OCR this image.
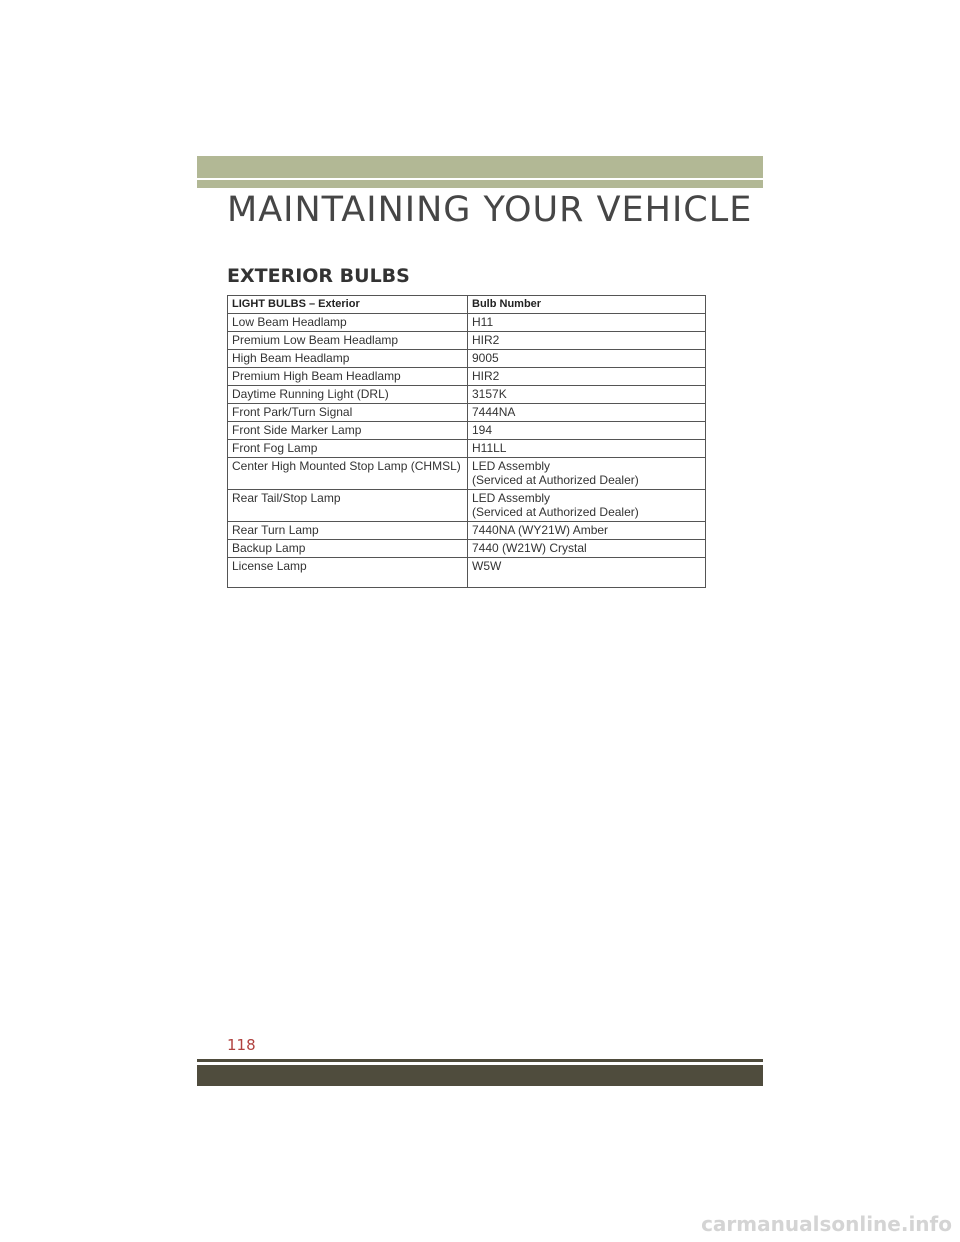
MAINTAINING YOUR VEHICLE
EXTERIOR BULBS
LIGHT BULBS – Exterior	Bulb Number
Low Beam Headlamp	H11

Premium Low Beam Headlamp	HIR2

High Beam Headlamp	9005

Premium High Beam Headlamp	HIR2

Daytime Running Light (DRL)	3157K

Front Park/Turn Signal	7444NA

Front Side Marker Lamp	194

Front Fog Lamp	H11LL

Center High Mounted Stop Lamp (CHMSL)	LED Assembly
(Serviced at Authorized Dealer)

Rear Tail/Stop Lamp	LED Assembly
(Serviced at Authorized Dealer)

Rear Turn Lamp	7440NA (WY21W) Amber

Backup Lamp	7440 (W21W) Crystal

License Lamp	W5W
118
carmanualsonline.info
